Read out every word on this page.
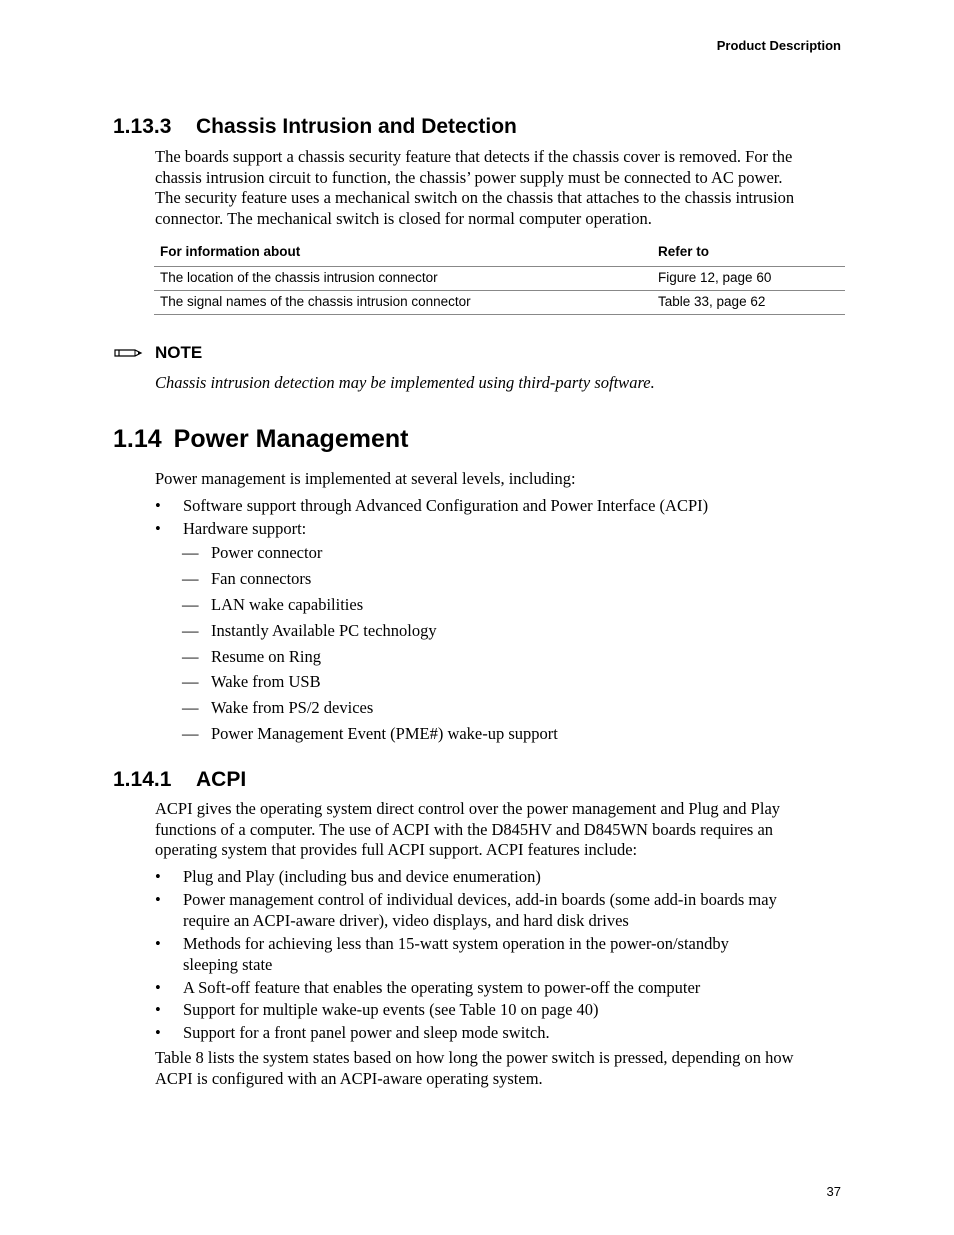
Product Description
1.13.3 Chassis Intrusion and Detection
The boards support a chassis security feature that detects if the chassis cover is removed. For the
chassis intrusion circuit to function, the chassis’ power supply must be connected to AC power.
The security feature uses a mechanical switch on the chassis that attaches to the chassis intrusion
connector. The mechanical switch is closed for normal computer operation.
For information about	Refer to
The location of the chassis intrusion connector	Figure 12, page 60
The signal names of the chassis intrusion connector	Table 33, page 62
NOTE
Chassis intrusion detection may be implemented using third-party software.
1.14 Power Management
Power management is implemented at several levels, including:
•	Software support through Advanced Configuration and Power Interface (ACPI)
•	Hardware support:
— Power connector
— Fan connectors
— LAN wake capabilities
— Instantly Available PC technology
— Resume on Ring
— Wake from USB
— Wake from PS/2 devices
— Power Management Event (PME#) wake-up support
1.14.1 ACPI
ACPI gives the operating system direct control over the power management and Plug and Play
functions of a computer. The use of ACPI with the D845HV and D845WN boards requires an
operating system that provides full ACPI support. ACPI features include:
•	Plug and Play (including bus and device enumeration)
•	Power management control of individual devices, add-in boards (some add-in boards may
require an ACPI-aware driver), video displays, and hard disk drives
•	Methods for achieving less than 15-watt system operation in the power-on/standby
sleeping state
•	A Soft-off feature that enables the operating system to power-off the computer
•	Support for multiple wake-up events (see Table 10 on page 40)
•	Support for a front panel power and sleep mode switch.
Table 8 lists the system states based on how long the power switch is pressed, depending on how
ACPI is configured with an ACPI-aware operating system.
37
